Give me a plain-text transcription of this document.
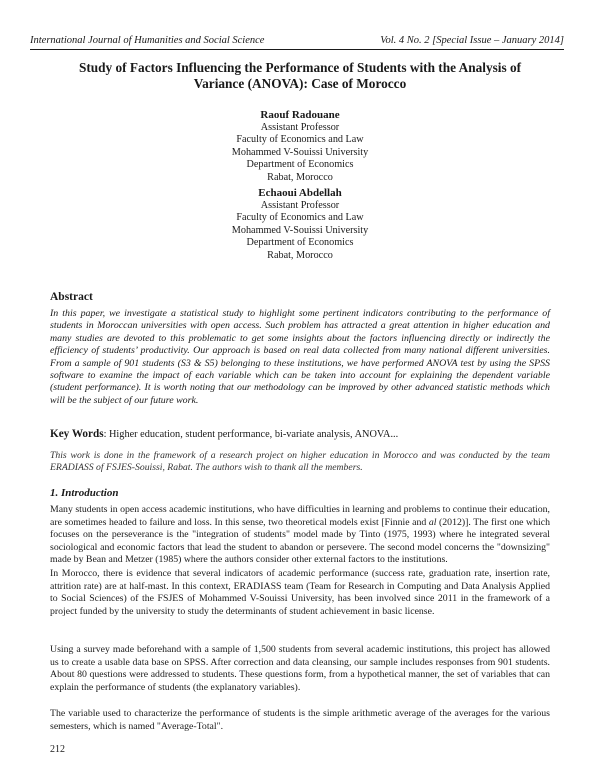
International Journal of Humanities and Social Science	Vol. 4 No. 2 [Special Issue – January 2014]
Study of Factors Influencing the Performance of Students with the Analysis of Variance (ANOVA): Case of Morocco
Raouf Radouane
Assistant Professor
Faculty of Economics and Law
Mohammed V-Souissi University
Department of Economics
Rabat, Morocco
Echaoui Abdellah
Assistant Professor
Faculty of Economics and Law
Mohammed V-Souissi University
Department of Economics
Rabat, Morocco
Abstract
In this paper, we investigate a statistical study to highlight some pertinent indicators contributing to the performance of students in Moroccan universities with open access. Such problem has attracted a great attention in higher education and many studies are devoted to this problematic to get some insights about the factors influencing directly or indirectly the efficiency of students’ productivity. Our approach is based on real data collected from many national different universities. From a sample of 901 students (S3 & S5) belonging to these institutions, we have performed ANOVA test by using the SPSS software to examine the impact of each variable which can be taken into account for explaining the dependent variable (student performance). It is worth noting that our methodology can be improved by other advanced statistic methods which will be the subject of our future work.
Key Words: Higher education, student performance, bi-variate analysis, ANOVA...
This work is done in the framework of a research project on higher education in Morocco and was conducted by the team ERADIASS of FSJES-Souissi, Rabat. The authors wish to thank all the members.
1. Introduction
Many students in open access academic institutions, who have difficulties in learning and problems to continue their education, are sometimes headed to failure and loss. In this sense, two theoretical models exist [Finnie and al (2012)]. The first one which focuses on the perseverance is the "integration of students" model made by Tinto (1975, 1993) where he integrated several sociological and economic factors that lead the student to abandon or persevere. The second model concerns the "downsizing" made by Bean and Metzer (1985) where the authors consider other external factors to the institutions.
In Morocco, there is evidence that several indicators of academic performance (success rate, graduation rate, insertion rate, attrition rate) are at half-mast. In this context, ERADIASS team (Team for Research in Computing and Data Analysis Applied to Social Sciences) of the FSJES of Mohammed V-Souissi University, has been involved since 2011 in the framework of a project funded by the university to study the determinants of student achievement in basic license.
Using a survey made beforehand with a sample of 1,500 students from several academic institutions, this project has allowed us to create a usable data base on SPSS. After correction and data cleansing, our sample includes responses from 901 students. About 80 questions were addressed to students. These questions form, from a hypothetical manner, the set of variables that can explain the performance of students (the explanatory variables).
The variable used to characterize the performance of students is the simple arithmetic average of the averages for the various semesters, which is named "Average-Total".
212
